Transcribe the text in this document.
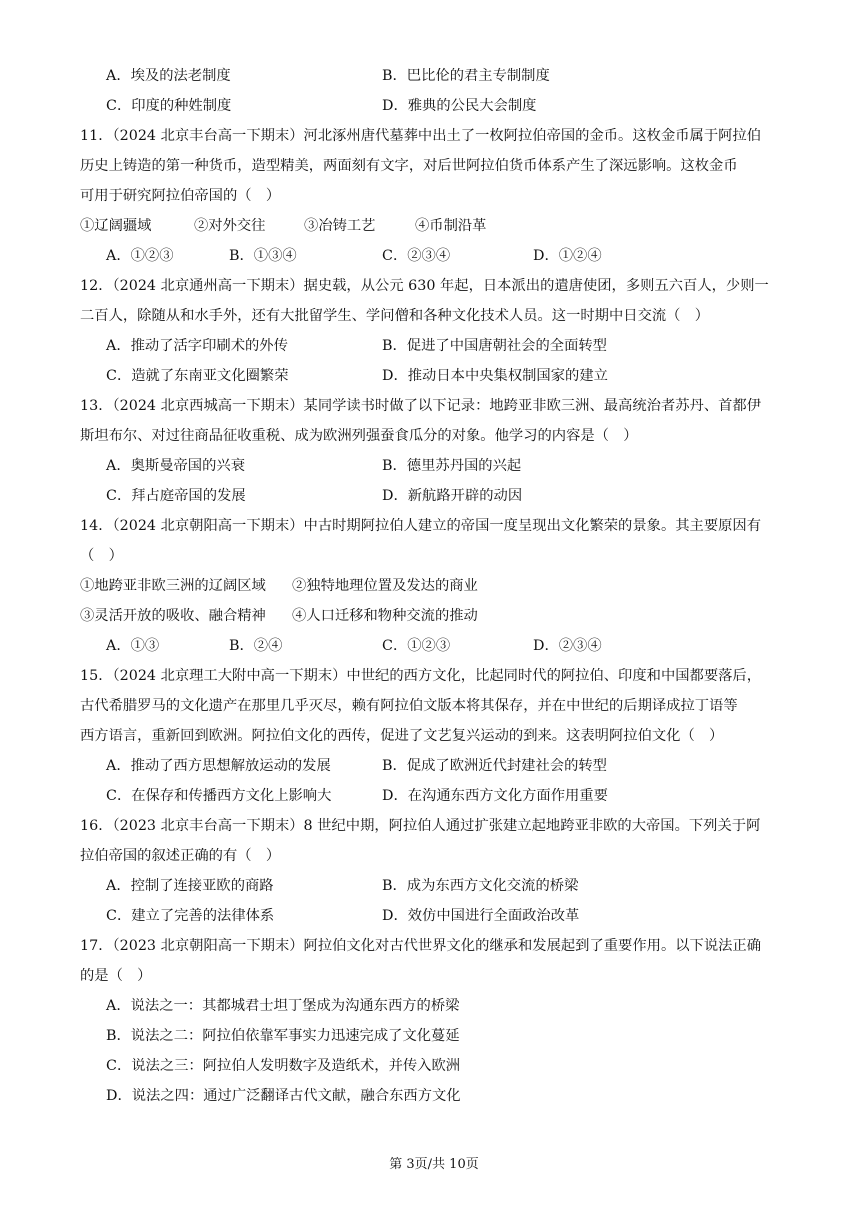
A．埃及的法老制度	B．巴比伦的君主专制制度
C．印度的种姓制度	D．雅典的公民大会制度
11．（2024 北京丰台高一下期末）河北涿州唐代墓葬中出土了一枚阿拉伯帝国的金币。这枚金币属于阿拉伯
历史上铸造的第一种货币，造型精美，两面刻有文字，对后世阿拉伯货币体系产生了深远影响。这枚金币
可用于研究阿拉伯帝国的（　）
①辽阔疆域	②对外交往	③冶铸工艺	④币制沿革
A．①②③	B．①③④	C．②③④	D．①②④
12．（2024 北京通州高一下期末）据史载，从公元 630 年起，日本派出的遣唐使团，多则五六百人，少则一
二百人，除随从和水手外，还有大批留学生、学问僧和各种文化技术人员。这一时期中日交流（　）
A．推动了活字印刷术的外传	B．促进了中国唐朝社会的全面转型
C．造就了东南亚文化圈繁荣	D．推动日本中央集权制国家的建立
13．（2024 北京西城高一下期末）某同学读书时做了以下记录：地跨亚非欧三洲、最高统治者苏丹、首都伊
斯坦布尔、对过往商品征收重税、成为欧洲列强蚕食瓜分的对象。他学习的内容是（　）
A．奥斯曼帝国的兴衰	B．德里苏丹国的兴起
C．拜占庭帝国的发展	D．新航路开辟的动因
14．（2024 北京朝阳高一下期末）中古时期阿拉伯人建立的帝国一度呈现出文化繁荣的景象。其主要原因有
（　）
①地跨亚非欧三洲的辽阔区域 ②独特地理位置及发达的商业
③灵活开放的吸收、融合精神 ④人口迁移和物种交流的推动
A．①③	B．②④	C．①②③	D．②③④
15．（2024 北京理工大附中高一下期末）中世纪的西方文化，比起同时代的阿拉伯、印度和中国都要落后，
古代希腊罗马的文化遗产在那里几乎灭尽，赖有阿拉伯文版本将其保存，并在中世纪的后期译成拉丁语等
西方语言，重新回到欧洲。阿拉伯文化的西传，促进了文艺复兴运动的到来。这表明阿拉伯文化（　）
A．推动了西方思想解放运动的发展	B．促成了欧洲近代封建社会的转型
C．在保存和传播西方文化上影响大	D．在沟通东西方文化方面作用重要
16．（2023 北京丰台高一下期末）8 世纪中期，阿拉伯人通过扩张建立起地跨亚非欧的大帝国。下列关于阿
拉伯帝国的叙述正确的有（　）
A．控制了连接亚欧的商路	B．成为东西方文化交流的桥梁
C．建立了完善的法律体系	D．效仿中国进行全面政治改革
17．（2023 北京朝阳高一下期末）阿拉伯文化对古代世界文化的继承和发展起到了重要作用。以下说法正确
的是（　）
A．说法之一：其都城君士坦丁堡成为沟通东西方的桥梁
B．说法之二：阿拉伯依靠军事实力迅速完成了文化蔓延
C．说法之三：阿拉伯人发明数字及造纸术，并传入欧洲
D．说法之四：通过广泛翻译古代文献，融合东西方文化
第 3页/共 10页
